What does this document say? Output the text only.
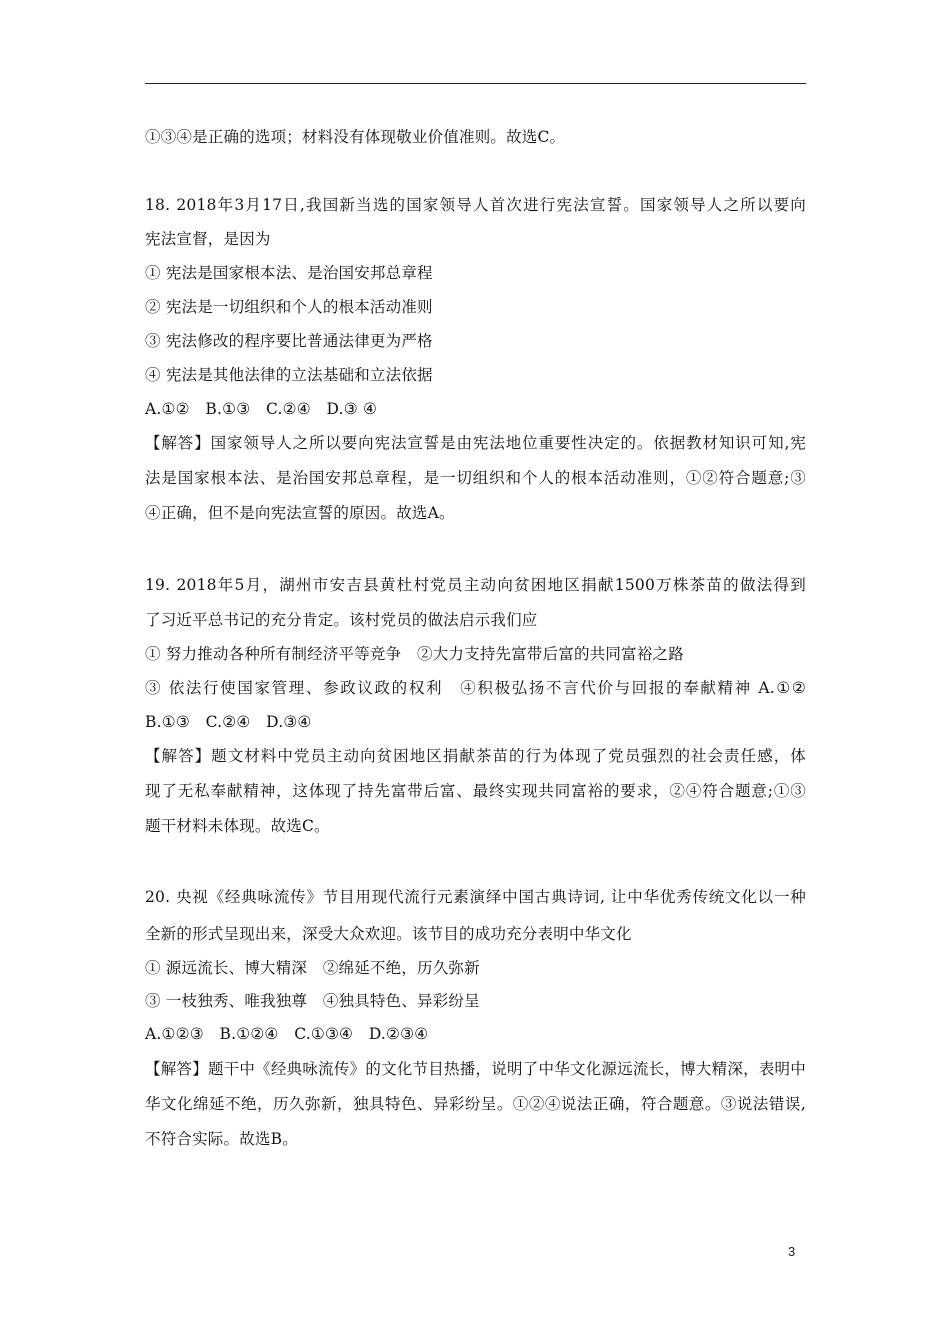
①③④是正确的选项；材料没有体现敬业价值准则。故选C。
18. 2018年3月17日,我国新当选的国家领导人首次进行宪法宣誓。国家领导人之所以要向
宪法宣督，是因为
① 宪法是国家根本法、是治国安邦总章程
② 宪法是一切组织和个人的根本活动准则
③ 宪法修改的程序要比普通法律更为严格
④ 宪法是其他法律的立法基础和立法依据
A.①②　B.①③　C.②④　D.③ ④
【解答】国家领导人之所以要向宪法宣誓是由宪法地位重要性决定的。依据教材知识可知,宪
法是国家根本法、是治国安邦总章程，是一切组织和个人的根本活动准则，①②符合题意;③
④正确，但不是向宪法宣誓的原因。故选A。
19. 2018年5月，湖州市安吉县黄杜村党员主动向贫困地区捐献1500万株茶苗的做法得到
了习近平总书记的充分肯定。该村党员的做法启示我们应
① 努力推动各种所有制经济平等竞争　②大力支持先富带后富的共同富裕之路
③ 依法行使国家管理、参政议政的权利　④积极弘扬不言代价与回报的奉献精神 A.①②
B.①③　C.②④　D.③④
【解答】题文材料中党员主动向贫困地区捐献茶苗的行为体现了党员强烈的社会责任感，体
现了无私奉献精神，这体现了持先富带后富、最终实现共同富裕的要求，②④符合题意;①③
题干材料未体现。故选C。
20. 央视《经典咏流传》节目用现代流行元素演绎中国古典诗词, 让中华优秀传统文化以一种
全新的形式呈现出来，深受大众欢迎。该节目的成功充分表明中华文化
① 源远流长、博大精深　②绵延不绝，历久弥新
③ 一枝独秀、唯我独尊　④独具特色、异彩纷呈
A.①②③　B.①②④　C.①③④　D.②③④
【解答】题干中《经典咏流传》的文化节目热播，说明了中华文化源远流长，博大精深，表明中
华文化绵延不绝，历久弥新，独具特色、异彩纷呈。①②④说法正确，符合题意。③说法错误,
不符合实际。故选B。
3
